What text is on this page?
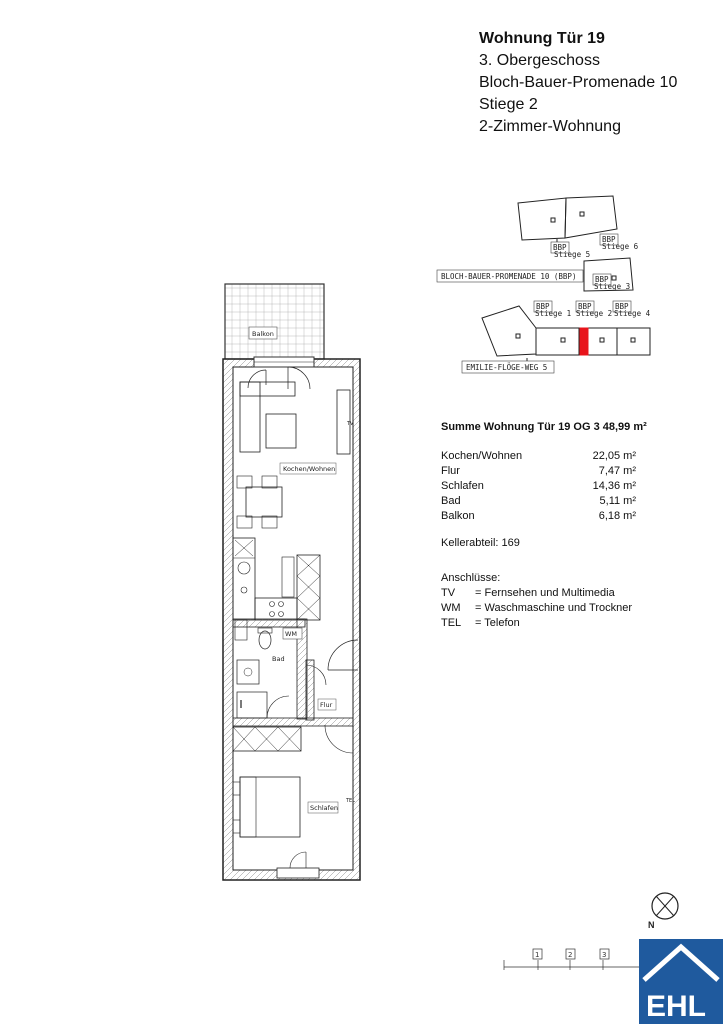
Wohnung Tür 19
3. Obergeschoss
Bloch-Bauer-Promenade 10
Stiege 2
2-Zimmer-Wohnung
BBP
Stiege 5
BBP
Stiege 6
BLOCH-BAUER-PROMENADE 10 (BBP) BBP
Stiege 3
BBP
Stiege 1
BBP
Stiege 2
BBP
Stiege 4
EMILIE-FLÖGE-WEG 5
Balkon
Kochen/Wohnen
WM
Bad
Flur
Schlafen
TV
TEL
N
1	2	3
EHL
Summe Wohnung Tür 19 OG 3 48,99 m²
Kochen/Wohnen	22,05 m²
Flur	7,47 m²
Schlafen	14,36 m²
Bad	5,11 m²
Balkon	6,18 m²
Kellerabteil: 169
Anschlüsse:
TV	= Fernsehen und Multimedia
WM	= Waschmaschine und Trockner
TEL	= Telefon
